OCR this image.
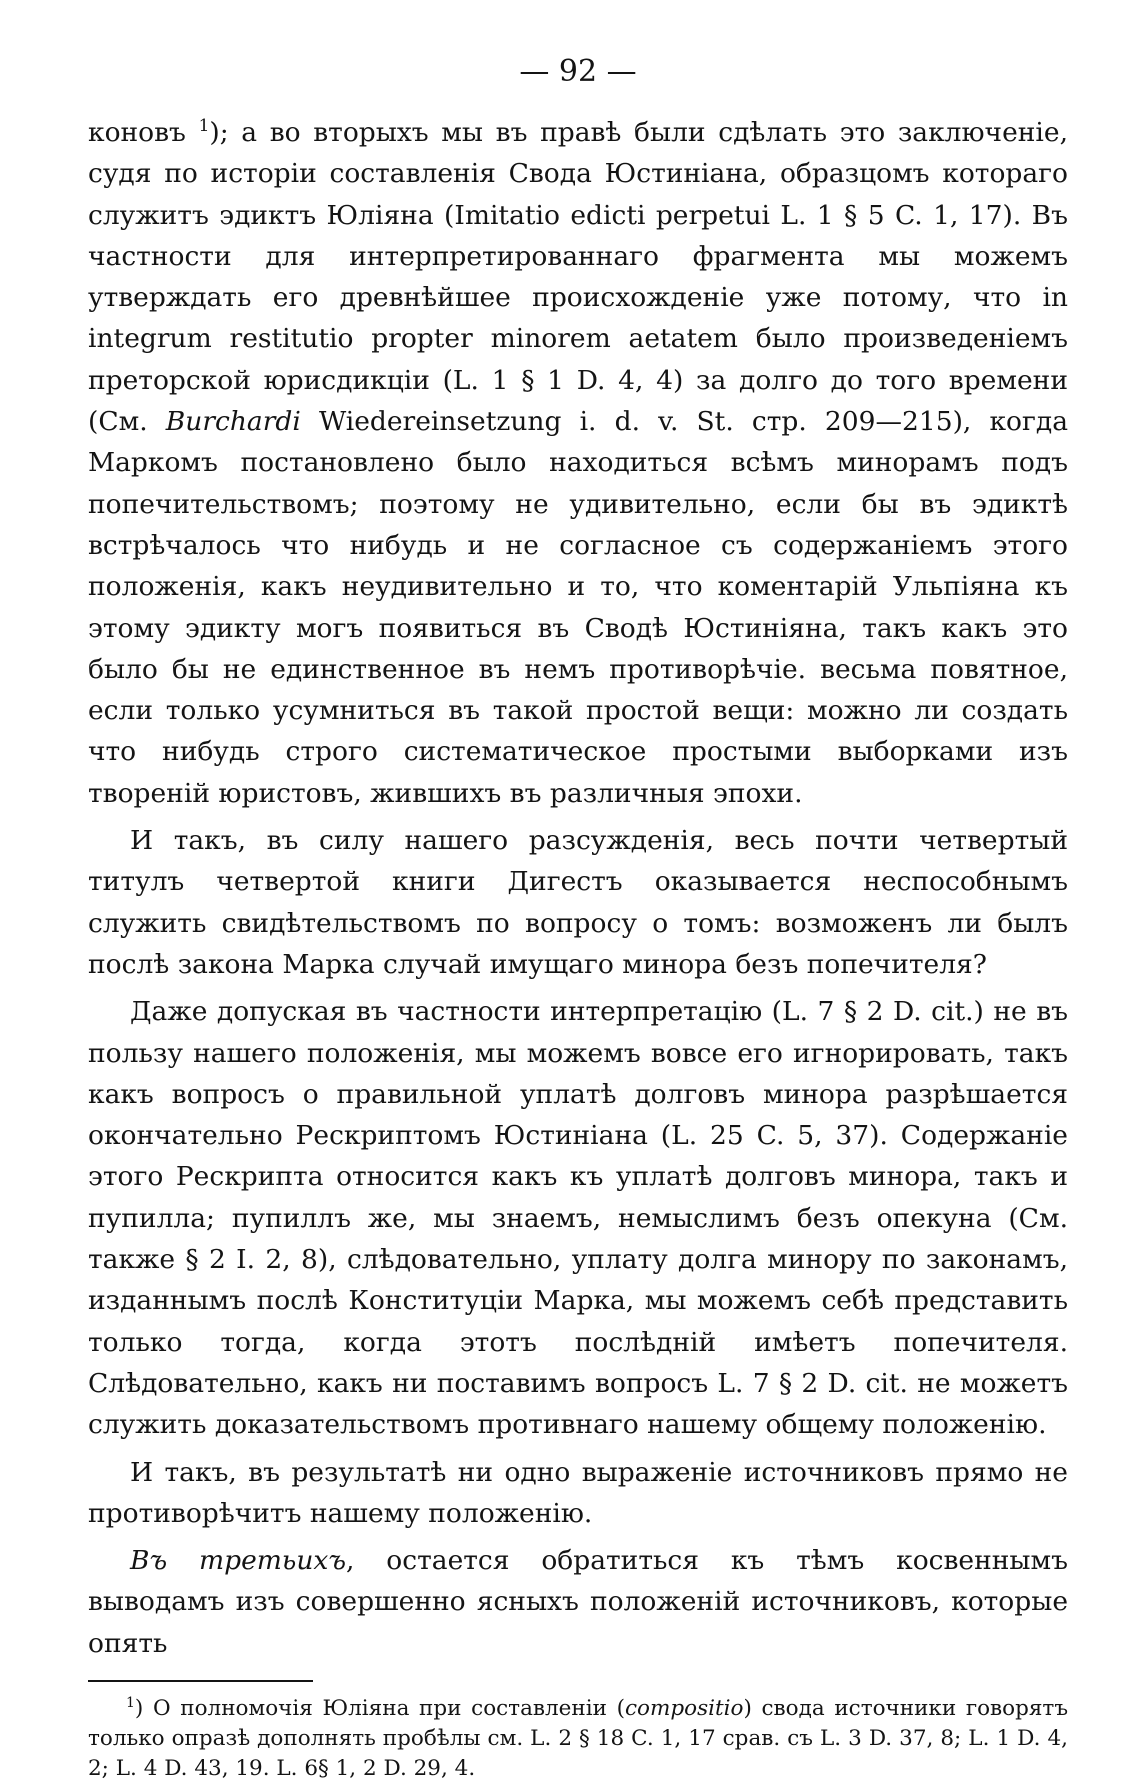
— 92 —

коновъ $^1$); а во вторыхъ мы въ правѣ были сдѣлать это заключеніе, судя по исторіи составленія Свода Юстиніана, образцомъ котораго служитъ эдиктъ Юліяна (Imitatio edicti perpetui L. 1 § 5 C. 1, 17). Въ частности для интерпретированнаго фрагмента мы можемъ утверждать его древнѣйшее происхожденіе уже потому, что in integrum restitutio propter minorem aetatem было произведеніемъ преторской юрисдикціи (L. 1 § 1 D. 4, 4) за долго до того времени (См. Burchardi Wiedereinsetzung i. d. v. St. стр. 209—215), когда Маркомъ постановлено было находиться всѣмъ минорамъ подъ попечительствомъ; поэтому не удивительно, если бы въ эдиктѣ встрѣчалось что нибудь и не согласное съ содержаніемъ этого положенія, какъ неудивительно и то, что коментарій Ульпіяна къ этому эдикту могъ появиться въ Сводѣ Юстиніяна, такъ какъ это было бы не единственное въ немъ противорѣчіе. весьма повятное, если только усумниться въ такой простой вещи: можно ли создать что нибудь строго систематическое простыми выборками изъ твореній юристовъ, жившихъ въ различныя эпохи.

И такъ, въ силу нашего разсужденія, весь почти четвертый титулъ четвертой книги Дигестъ оказывается неспособнымъ служить свидѣтельствомъ по вопросу о томъ: возможенъ ли былъ послѣ закона Марка случай имущаго минора безъ попечителя?

Даже допуская въ частности интерпретацію (L. 7 § 2 D. cit.) не въ пользу нашего положенія, мы можемъ вовсе его игнорировать, такъ какъ вопросъ о правильной уплатѣ долговъ минора разрѣшается окончательно Рескриптомъ Юстиніана (L. 25 C. 5, 37). Содержаніе этого Рескрипта относится какъ къ уплатѣ долговъ минора, такъ и пупилла; пупиллъ же, мы знаемъ, немыслимъ безъ опекуна (См. также § 2 I. 2, 8), слѣдовательно, уплату долга минору по законамъ, изданнымъ послѣ Конституціи Марка, мы можемъ себѣ представить только тогда, когда этотъ послѣдній имѣетъ попечителя. Слѣдовательно, какъ ни поставимъ вопросъ L. 7 § 2 D. cit. не можетъ служить доказательствомъ противнаго нашему общему положенію.

И такъ, въ результатѣ ни одно выраженіе источниковъ прямо не противорѣчитъ нашему положенію.

Въ третьихъ, остается обратиться къ тѣмъ косвеннымъ выводамъ изъ совершенно ясныхъ положеній источниковъ, которые опять

$^1$) О полномочія Юліяна при составленіи (compositio) свода источники говорятъ только опразѣ дополнять пробѣлы см. L. 2 § 18 C. 1, 17 срав. съ L. 3 D. 37, 8; L. 1 D. 4, 2; L. 4 D. 43, 19. L. 6§ 1, 2 D. 29, 4.
